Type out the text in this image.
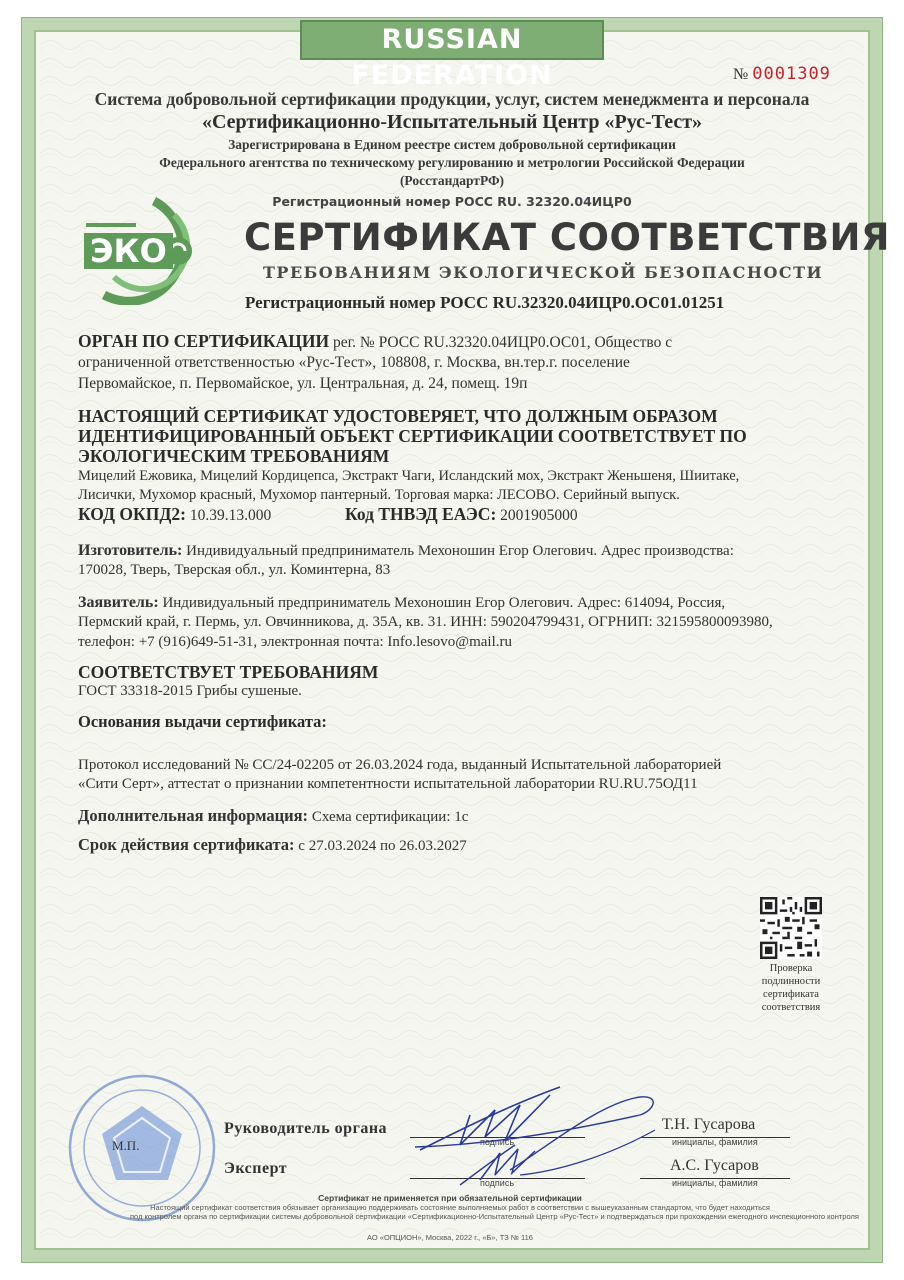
RUSSIAN FEDERATION	№ 0001309
Система добровольной сертификации продукции, услуг, систем менеджмента и персонала
«Сертификационно-Испытательный Центр «Рус-Тест»
Зарегистрирована в Едином реестре систем добровольной сертификации
Федерального агентства по техническому регулированию и метрологии Российской Федерации
(РосстандартРФ)
Регистрационный номер РОСС RU. 32320.04ИЦР0
ЭКО СЕРТИФИКАТ СООТВЕТСТВИЯ
ТРЕБОВАНИЯМ ЭКОЛОГИЧЕСКОЙ БЕЗОПАСНОСТИ
Регистрационный номер РОСС RU.32320.04ИЦР0.ОС01.01251
ОРГАН ПО СЕРТИФИКАЦИИ рег. № РОСС RU.32320.04ИЦР0.ОС01, Общество с
ограниченной ответственностью «Рус-Тест», 108808, г. Москва, вн.тер.г. поселение
Первомайское, п. Первомайское, ул. Центральная, д. 24, помещ. 19п
НАСТОЯЩИЙ СЕРТИФИКАТ УДОСТОВЕРЯЕТ, ЧТО ДОЛЖНЫМ ОБРАЗОМ
ИДЕНТИФИЦИРОВАННЫЙ ОБЪЕКТ СЕРТИФИКАЦИИ СООТВЕТСТВУЕТ ПО
ЭКОЛОГИЧЕСКИМ ТРЕБОВАНИЯМ
Мицелий Ежовика, Мицелий Кордицепса, Экстракт Чаги, Исландский мох, Экстракт Женьшеня, Шиитаке,
Лисички, Мухомор красный, Мухомор пантерный. Торговая марка: ЛЕСОВО. Серийный выпуск.
КОД ОКПД2: 10.39.13.000	Код ТНВЭД ЕАЭС: 2001905000
Изготовитель: Индивидуальный предприниматель Мехоношин Егор Олегович. Адрес производства:
170028, Тверь, Тверская обл., ул. Коминтерна, 83
Заявитель: Индивидуальный предприниматель Мехоношин Егор Олегович. Адрес: 614094, Россия,
Пермский край, г. Пермь, ул. Овчинникова, д. 35А, кв. 31. ИНН: 590204799431, ОГРНИП: 321595800093980,
телефон: +7 (916)649-51-31, электронная почта: Info.lesovo@mail.ru
СООТВЕТСТВУЕТ ТРЕБОВАНИЯМ
ГОСТ 33318-2015 Грибы сушеные.
Основания выдачи сертификата:
Протокол исследований № СС/24-02205 от 26.03.2024 года, выданный Испытательной лабораторией
«Сити Серт», аттестат о признании компетентности испытательной лаборатории RU.RU.75ОД11
Дополнительная информация: Схема сертификации: 1с
Срок действия сертификата: с 27.03.2024 по 26.03.2027
Проверка
подлинности
сертификата
соответствия
М.П.
Руководитель органа
подпись
Т.Н. Гусарова
инициалы, фамилия
Эксперт
подпись
А.С. Гусаров
инициалы, фамилия
Сертификат не применяется при обязательной сертификации
Настоящий сертификат соответствия обязывает организацию поддерживать состояние выполняемых работ в соответствии с вышеуказанным стандартом, что будет находиться
под контролем органа по сертификации системы добровольной сертификации «Сертификационно-Испытательный Центр «Рус-Тест» и подтверждаться при прохождении ежегодного инспекционного контроля
АО «ОПЦИОН», Москва, 2022 г., «Б», ТЗ № 116
